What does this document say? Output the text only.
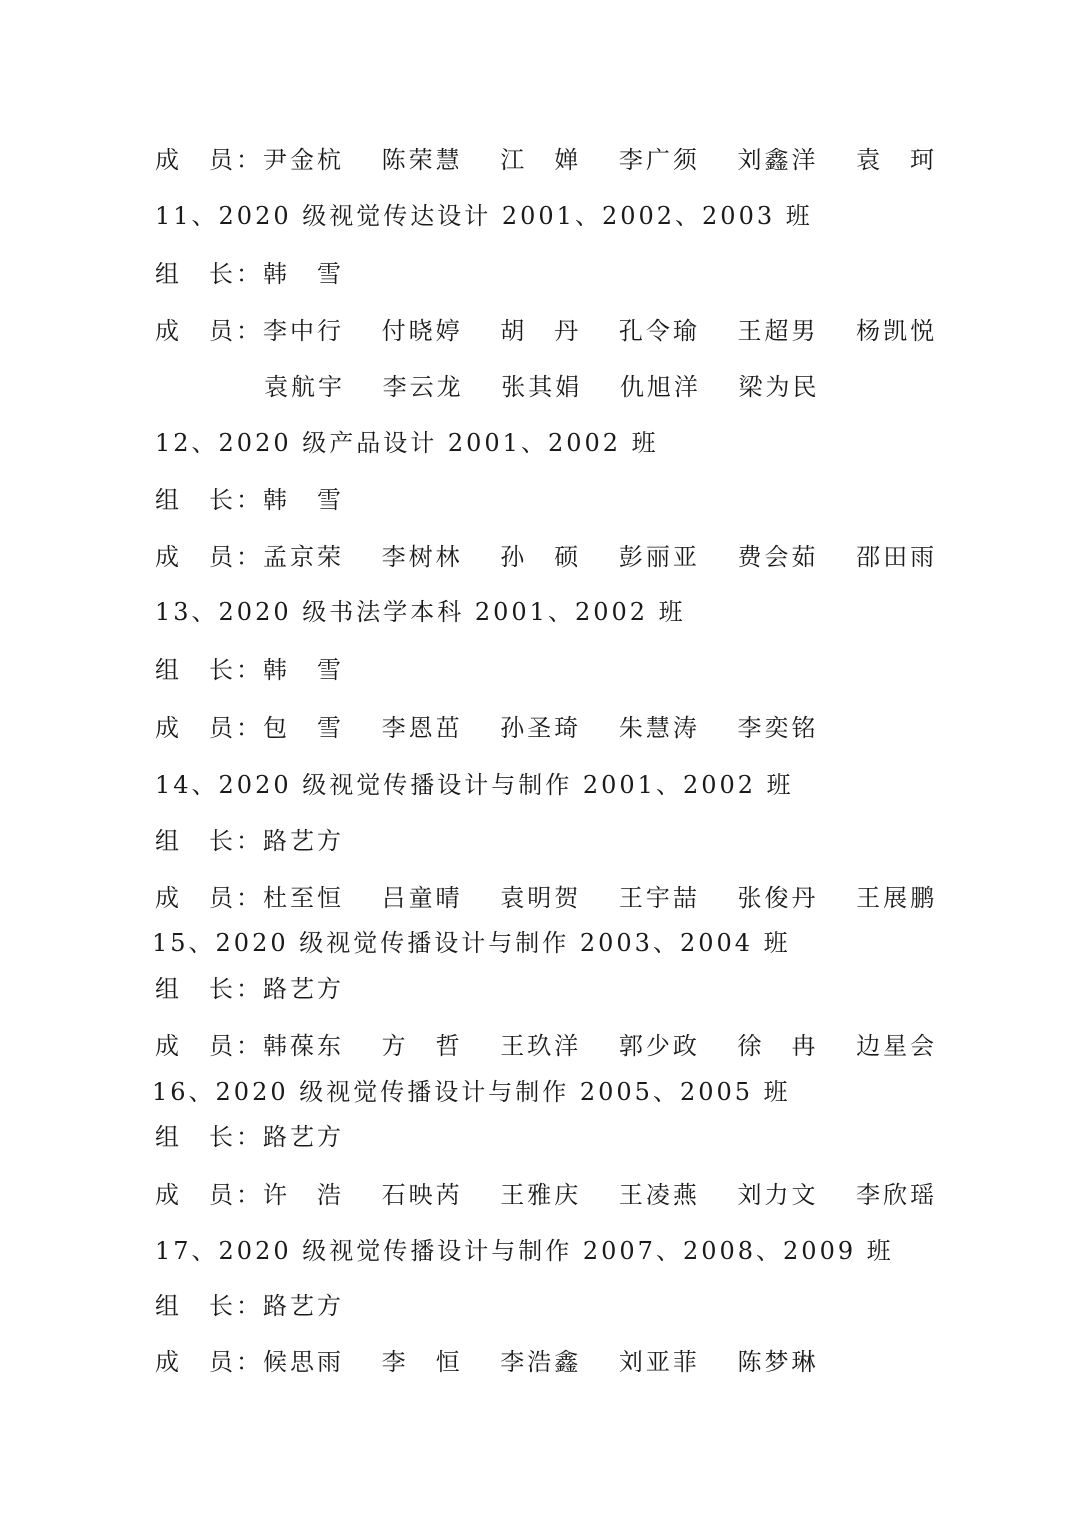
成　员：尹金杭　 陈荣慧　 江　婵　 李广须　 刘鑫洋　 袁　珂
11、2020 级视觉传达设计 2001、2002、2003 班
组　长：韩　雪
成　员：李中行　 付晓婷　 胡　丹　 孔令瑜　 王超男　 杨凯悦
袁航宇　 李云龙　 张其娟　 仇旭洋　 梁为民
12、2020 级产品设计 2001、2002 班
组　长：韩　雪
成　员：孟京荣　 李树林　 孙　硕　 彭丽亚　 费会茹　 邵田雨
13、2020 级书法学本科 2001、2002 班
组　长：韩　雪
成　员：包　雪　 李恩茁　 孙圣琦　 朱慧涛　 李奕铭
14、2020 级视觉传播设计与制作 2001、2002 班
组　长：路艺方
成　员：杜至恒　 吕童晴　 袁明贺　 王宇喆　 张俊丹　 王展鹏
15、2020 级视觉传播设计与制作 2003、2004 班
组　长：路艺方
成　员：韩葆东　 方　哲　 王玖洋　 郭少政　 徐　冉　 边星会
16、2020 级视觉传播设计与制作 2005、2005 班
组　长：路艺方
成　员：许　浩　 石映芮　 王雅庆　 王凌燕　 刘力文　 李欣瑶
17、2020 级视觉传播设计与制作 2007、2008、2009 班
组　长：路艺方
成　员：候思雨　 李　恒　 李浩鑫　 刘亚菲　 陈梦琳
